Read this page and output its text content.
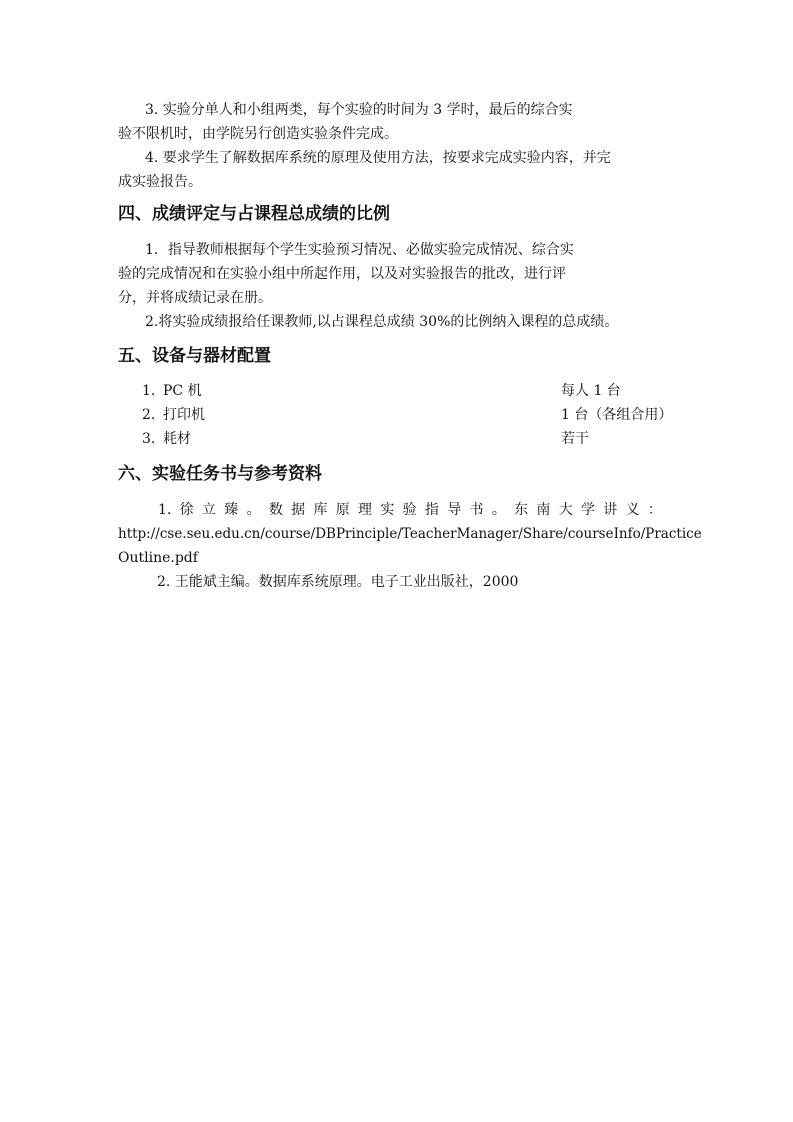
3. 实验分单人和小组两类，每个实验的时间为 3 学时，最后的综合实
验不限机时，由学院另行创造实验条件完成。
4. 要求学生了解数据库系统的原理及使用方法，按要求完成实验内容，并完
成实验报告。
四、成绩评定与占课程总成绩的比例
1．指导教师根据每个学生实验预习情况、必做实验完成情况、综合实
验的完成情况和在实验小组中所起作用，以及对实验报告的批改，进行评
分，并将成绩记录在册。
2.将实验成绩报给任课教师,以占课程总成绩 30%的比例纳入课程的总成绩。
五、设备与器材配置
1. PC 机	每人 1 台
2. 打印机	1 台（各组合用）
3. 耗材	若干
六、实验任务书与参考资料
1. 徐 立 臻 。 数 据 库 原 理 实 验 指 导 书 。 东 南 大 学 讲 义 ：
http://cse.seu.edu.cn/course/DBPrinciple/TeacherManager/Share/courseInfo/Practice
Outline.pdf
2. 王能斌主编。数据库系统原理。电子工业出版社，2000
